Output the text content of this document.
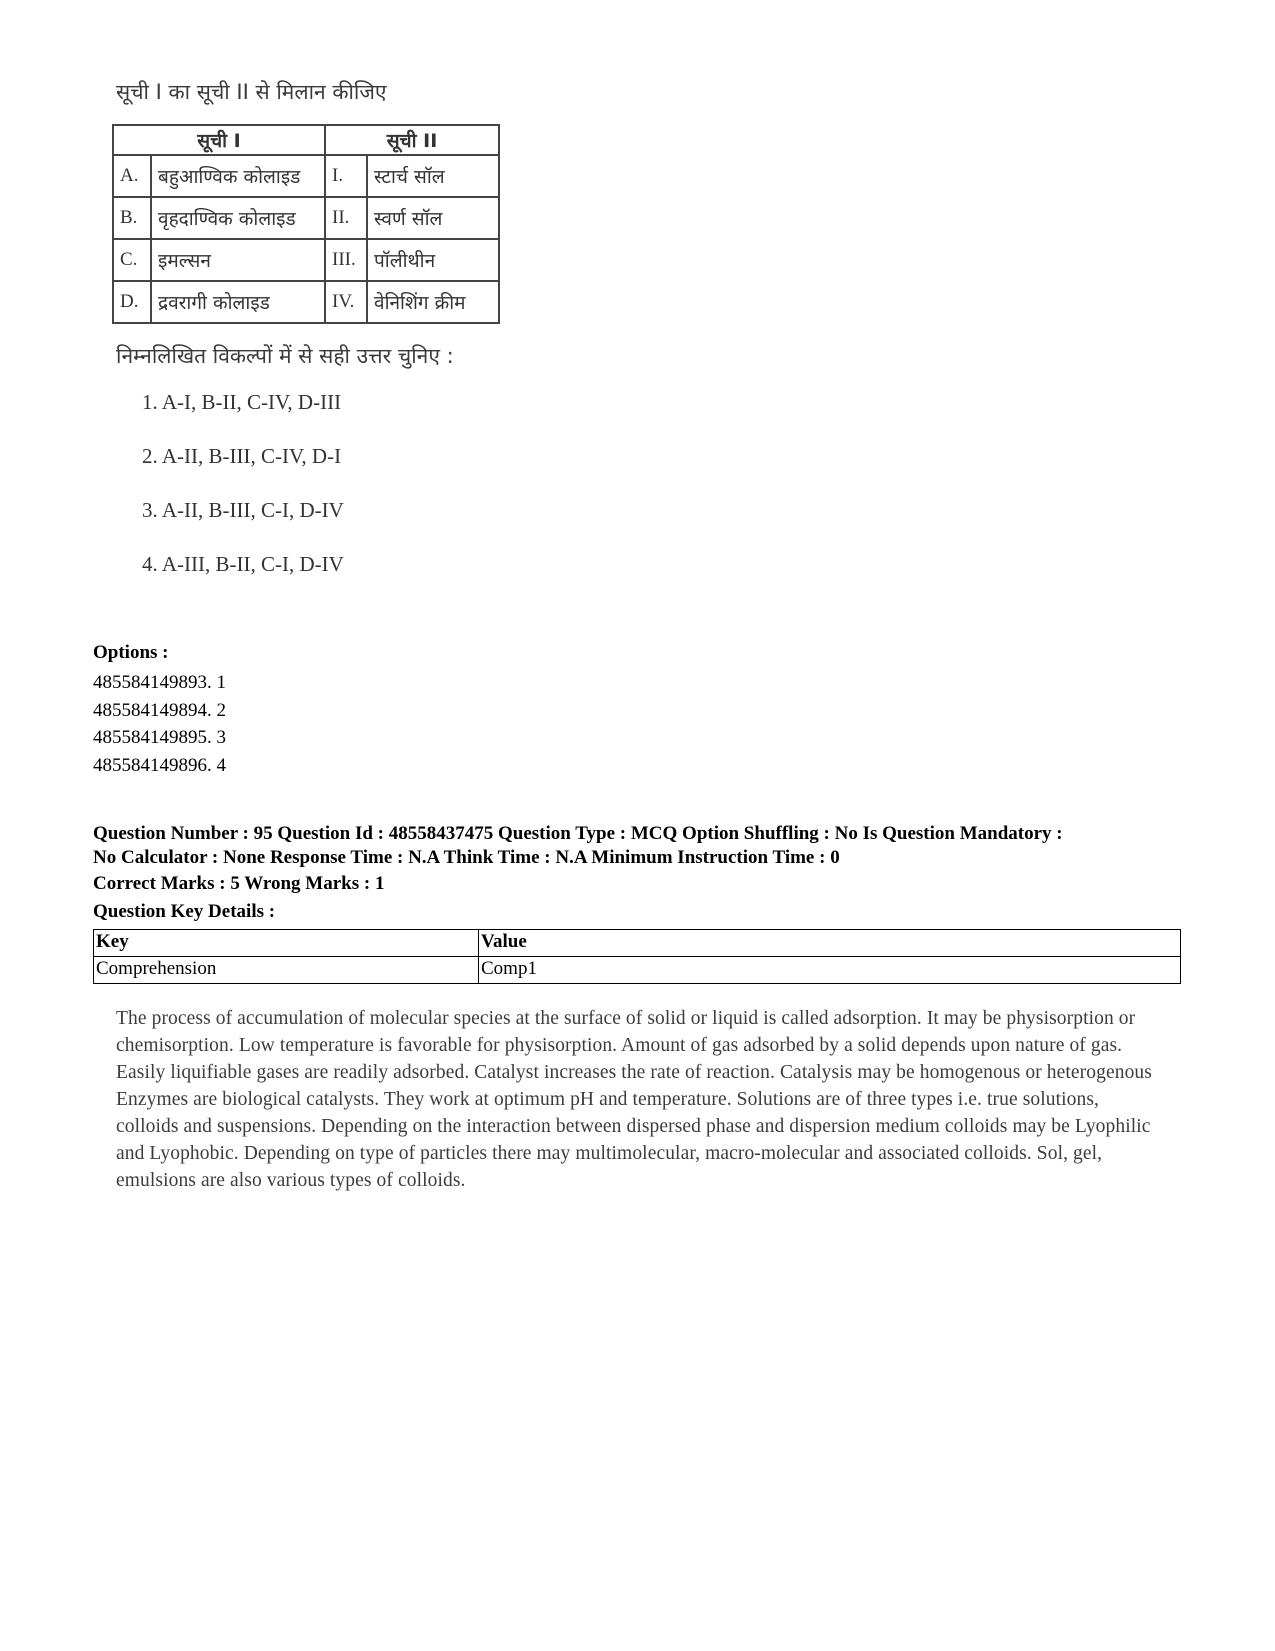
सूची I का सूची II से मिलान कीजिए
सूची I		सूची II	
A.	बहुआण्विक कोलाइड	I.	स्टार्च सॉल
B.	वृहदाण्विक कोलाइड	II.	स्वर्ण सॉल
C.	इमल्सन	III.	पॉलीथीन
D.	द्रवरागी कोलाइड	IV.	वेनिशिंग क्रीम
निम्नलिखित विकल्पों में से सही उत्तर चुनिए :
1. A-I, B-II, C-IV, D-III
2. A-II, B-III, C-IV, D-I
3. A-II, B-III, C-I, D-IV
4. A-III, B-II, C-I, D-IV
Options :
485584149893. 1
485584149894. 2
485584149895. 3
485584149896. 4
Question Number : 95 Question Id : 48558437475 Question Type : MCQ Option Shuffling : No Is Question Mandatory :
No Calculator : None Response Time : N.A Think Time : N.A Minimum Instruction Time : 0
Correct Marks : 5 Wrong Marks : 1
Question Key Details :
Key	Value
Comprehension	Comp1
The process of accumulation of molecular species at the surface of solid or liquid is called adsorption. It may be physisorption or chemisorption. Low temperature is favorable for physisorption. Amount of gas adsorbed by a solid depends upon nature of gas. Easily liquifiable gases are readily adsorbed. Catalyst increases the rate of reaction. Catalysis may be homogenous or heterogenous Enzymes are biological catalysts. They work at optimum pH and temperature. Solutions are of three types i.e. true solutions, colloids and suspensions. Depending on the interaction between dispersed phase and dispersion medium colloids may be Lyophilic and Lyophobic. Depending on type of particles there may multimolecular, macro-molecular and associated colloids. Sol, gel, emulsions are also various types of colloids.
